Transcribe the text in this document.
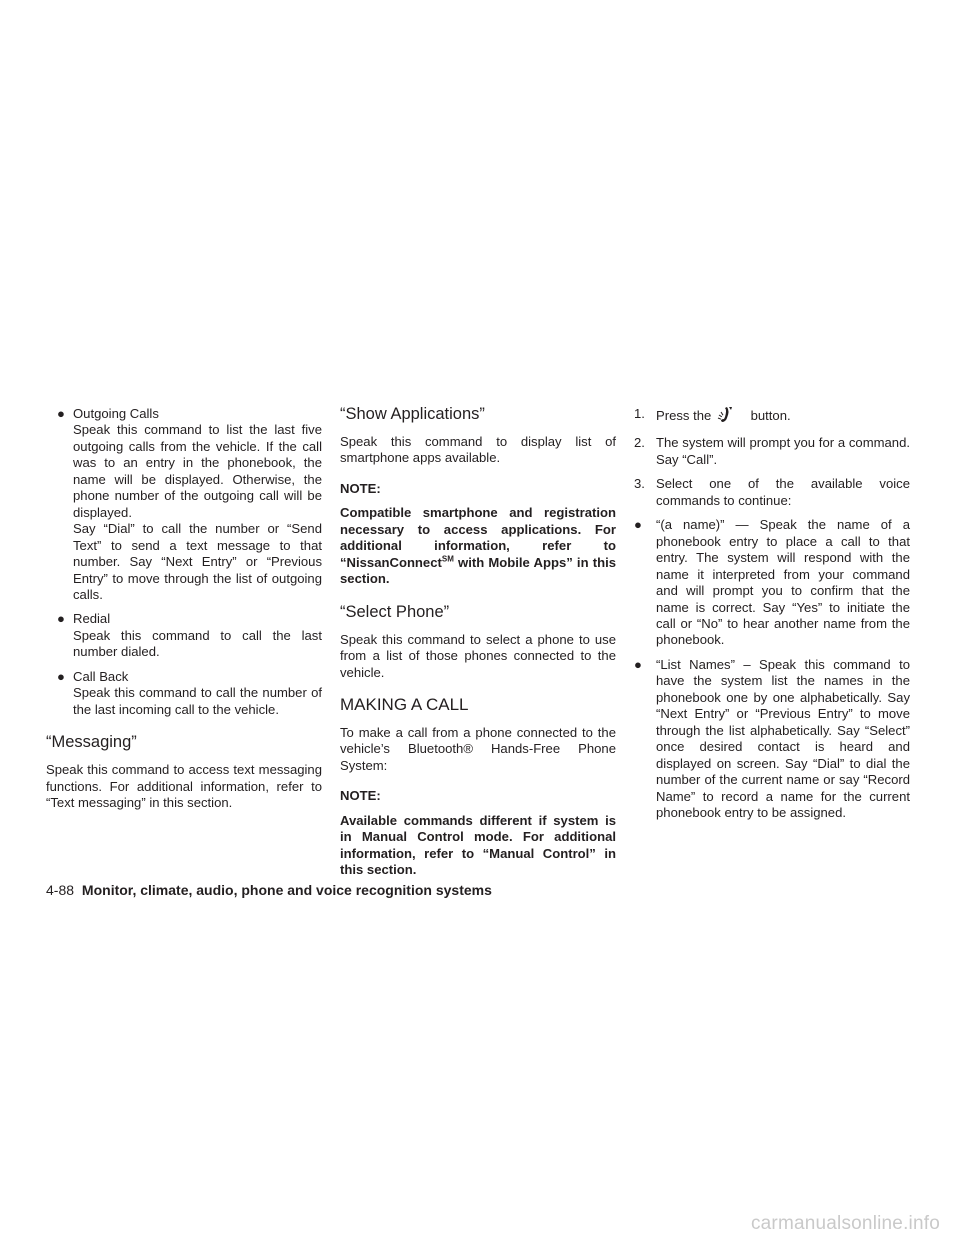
● Outgoing Calls
Speak this command to list the last five outgoing calls from the vehicle. If the call was to an entry in the phonebook, the name will be displayed. Otherwise, the phone number of the outgoing call will be displayed.
Say “Dial” to call the number or “Send Text” to send a text message to that number. Say “Next Entry” or “Previous Entry” to move through the list of outgoing calls.
● Redial
Speak this command to call the last number dialed.
● Call Back
Speak this command to call the number of the last incoming call to the vehicle.
“Messaging”

Speak this command to access text messaging functions. For additional information, refer to “Text messaging” in this section.

“Show Applications”

Speak this command to display list of smartphone apps available.

NOTE:

Compatible smartphone and registration necessary to access applications. For additional information, refer to “NissanConnect℠ with Mobile Apps” in this section.

“Select Phone”

Speak this command to select a phone to use from a list of those phones connected to the vehicle.

MAKING A CALL

To make a call from a phone connected to the vehicle’s Bluetooth® Hands-Free Phone System:

NOTE:

Available commands different if system is in Manual Control mode. For additional information, refer to “Manual Control” in this section.

1. Press the	button.
2. The system will prompt you for a command. Say “Call”.
3. Select one of the available voice commands to continue:
● “(a name)” — Speak the name of a phonebook entry to place a call to that entry. The system will respond with the name it interpreted from your command and will prompt you to confirm that the name is correct. Say “Yes” to initiate the call or “No” to hear another name from the phonebook.
● “List Names” – Speak this command to have the system list the names in the phonebook one by one alphabetically. Say “Next Entry” or “Previous Entry” to move through the list alphabetically. Say “Select” once desired contact is heard and displayed on screen. Say “Dial” to dial the number of the current name or say “Record Name” to record a name for the current phonebook entry to be assigned.
4-88 Monitor, climate, audio, phone and voice recognition systems
carmanualsonline.info
